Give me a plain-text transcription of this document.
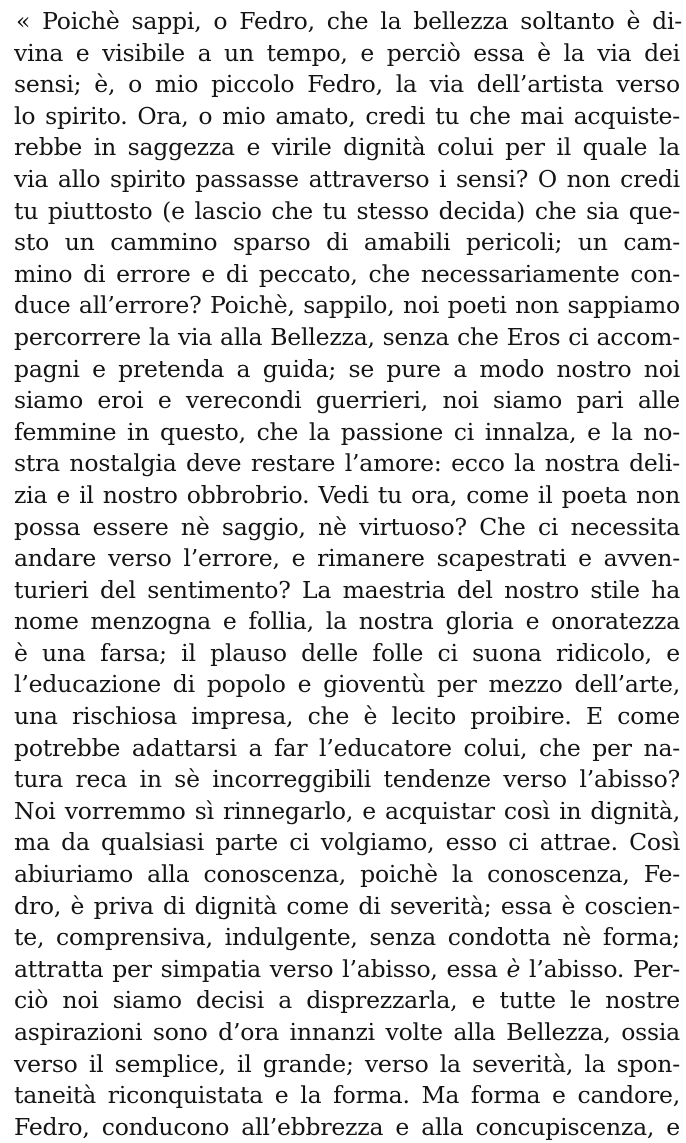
« Poichè sappi, o Fedro, che la bellezza soltanto è di-
vina e visibile a un tempo, e perciò essa è la via dei
sensi; è, o mio piccolo Fedro, la via dell’artista verso
lo spirito. Ora, o mio amato, credi tu che mai acquiste-
rebbe in saggezza e virile dignità colui per il quale la
via allo spirito passasse attraverso i sensi? O non credi
tu piuttosto (e lascio che tu stesso decida) che sia que-
sto un cammino sparso di amabili pericoli; un cam-
mino di errore e di peccato, che necessariamente con-
duce all’errore? Poichè, sappilo, noi poeti non sappiamo
percorrere la via alla Bellezza, senza che Eros ci accom-
pagni e pretenda a guida; se pure a modo nostro noi
siamo eroi e verecondi guerrieri, noi siamo pari alle
femmine in questo, che la passione ci innalza, e la no-
stra nostalgia deve restare l’amore: ecco la nostra deli-
zia e il nostro obbrobrio. Vedi tu ora, come il poeta non
possa essere nè saggio, nè virtuoso? Che ci necessita
andare verso l’errore, e rimanere scapestrati e avven-
turieri del sentimento? La maestria del nostro stile ha
nome menzogna e follia, la nostra gloria e onoratezza
è una farsa; il plauso delle folle ci suona ridicolo, e
l’educazione di popolo e gioventù per mezzo dell’arte,
una rischiosa impresa, che è lecito proibire. E come
potrebbe adattarsi a far l’educatore colui, che per na-
tura reca in sè incorreggibili tendenze verso l’abisso?
Noi vorremmo sì rinnegarlo, e acquistar così in dignità,
ma da qualsiasi parte ci volgiamo, esso ci attrae. Così
abiuriamo alla conoscenza, poichè la conoscenza, Fe-
dro, è priva di dignità come di severità; essa è coscien-
te, comprensiva, indulgente, senza condotta nè forma;
attratta per simpatia verso l’abisso, essa è l’abisso. Per-
ciò noi siamo decisi a disprezzarla, e tutte le nostre
aspirazioni sono d’ora innanzi volte alla Bellezza, ossia
verso il semplice, il grande; verso la severità, la spon-
taneità riconquistata e la forma. Ma forma e candore,
Fedro, conducono all’ebbrezza e alla concupiscenza, e
